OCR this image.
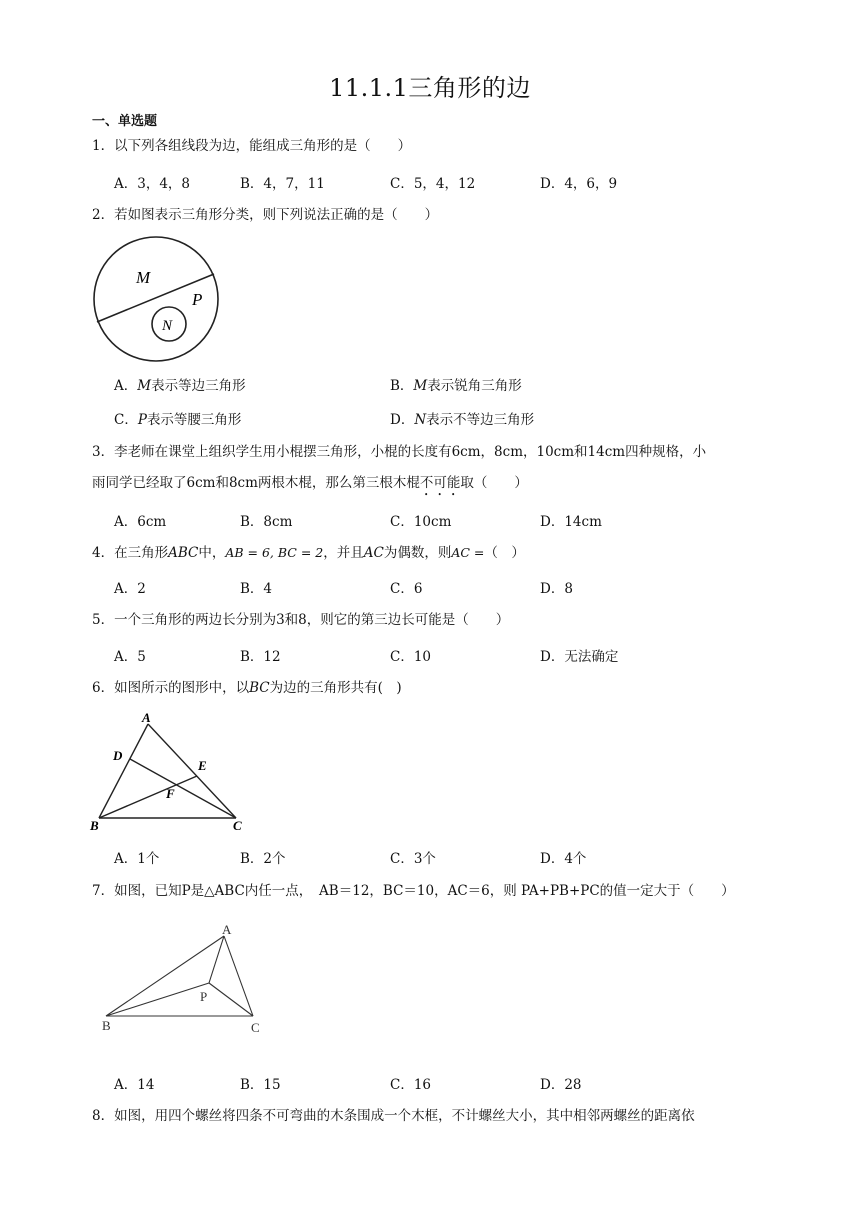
11.1.1三角形的边
一、单选题
1．以下列各组线段为边，能组成三角形的是（　　）
A．3，4，8	B．4，7，11	C．5，4，12	D．4，6，9
2．若如图表示三角形分类，则下列说法正确的是（　　）
M
P
N
A．M表示等边三角形	B．M表示锐角三角形
C．P表示等腰三角形	D．N表示不等边三角形
3．李老师在课堂上组织学生用小棍摆三角形，小棍的长度有6cm，8cm，10cm和14cm四种规格，小
雨同学已经取了6cm和8cm两根木棍，那么第三根木棍不可能取（　　）
A．6cm	B．8cm	C．10cm	D．14cm
4．在三角形ABC中，AB = 6, BC = 2，并且AC为偶数，则AC =（　）
A．2	B．4	C．6	D．8
5．一个三角形的两边长分别为3和8，则它的第三边长可能是（　　）
A．5	B．12	C．10	D．无法确定
6．如图所示的图形中，以BC为边的三角形共有(　)
A
D
E
F
B	C
A．1个	B．2个	C．3个	D．4个
7．如图，已知P是△ABC内任一点，　AB＝12，BC＝10，AC＝6，则 PA+PB+PC的值一定大于（　　）
A
P
B	C
A．14	B．15	C．16	D．28
8．如图，用四个螺丝将四条不可弯曲的木条围成一个木框，不计螺丝大小，其中相邻两螺丝的距离依
